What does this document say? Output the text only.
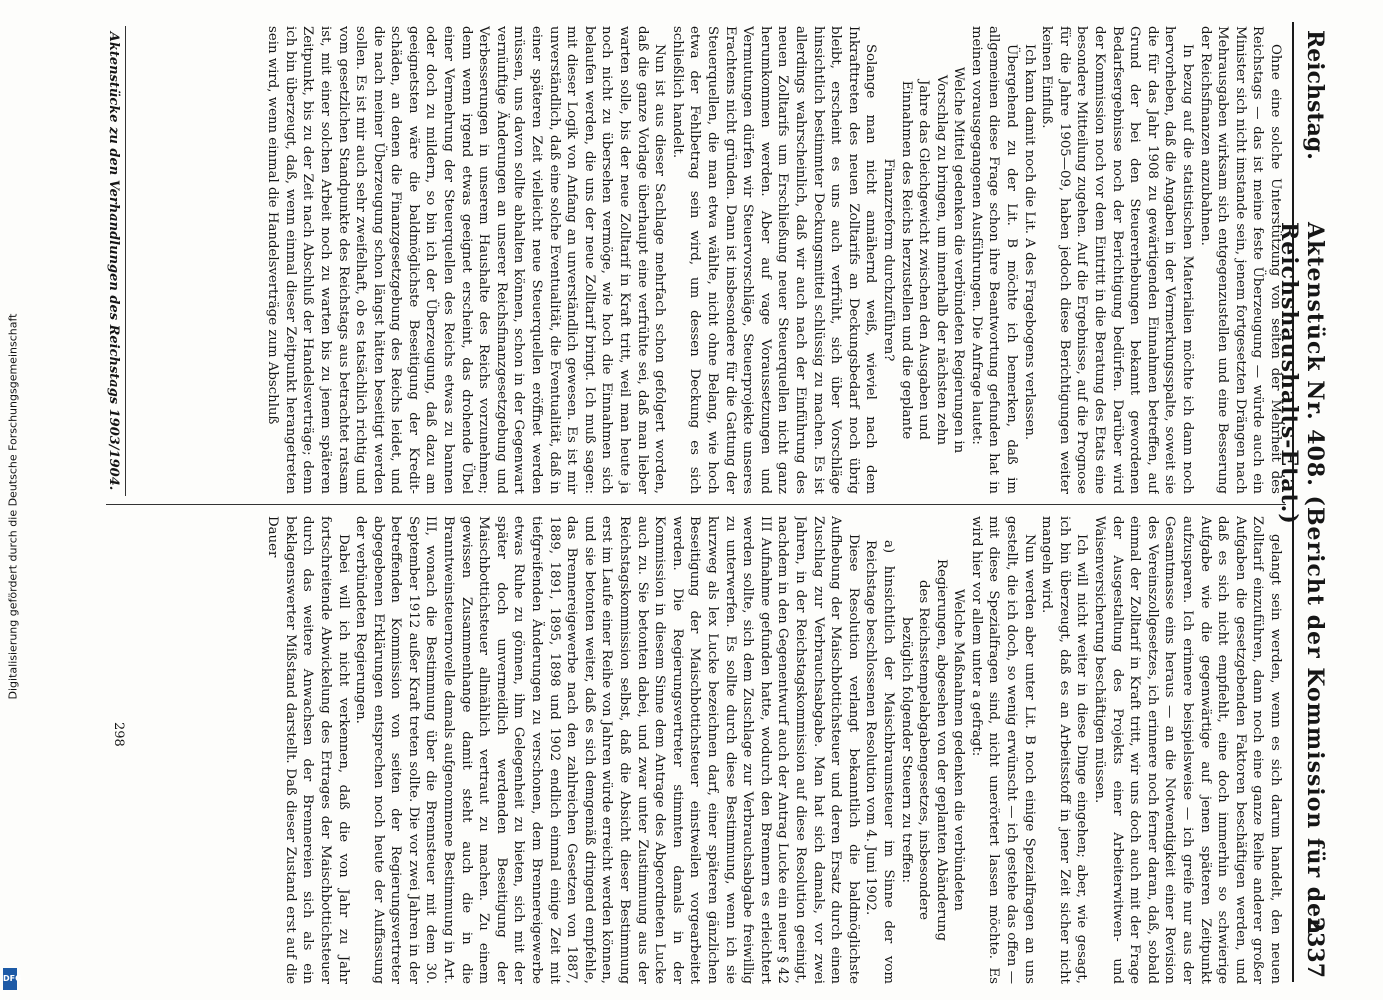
Reichstag.
Aktenstück Nr. 408. (Bericht der Kommission für den Reichshaushalts-Etat.)
2337

Ohne eine solche Unterstützung von seiten der Mehrheit des Reichstags — das ist meine feste Überzeugung — würde auch ein Minister sich nicht imstande sein, jenem fortgesetzten Drängen nach Mehrausgaben wirksam sich entgegenzustellen und eine Besserung der Reichsfinanzen anzubahnen.

In bezug auf die statistischen Materialien möchte ich dann noch hervorheben, daß die Angaben in der Vermerkungsspalte, soweit sie die für das Jahr 1908 zu gewärtigenden Einnahmen betreffen, auf Grund der bei den Steuererhebungen bekannt gewordenen Bedarfsergebnisse noch der Berichtigung bedürfen. Darüber wird der Kommission noch vor dem Eintritt in die Beratung des Etats eine besondere Mitteilung zugehen. Auf die Ergebnisse, auf die Prognose für die Jahre 1905—09, haben jedoch diese Berichtigungen weiter keinen Einfluß.

Ich kann damit noch die Lit. A des Fragebogens verlassen.

Übergehend zu der Lit. B möchte ich bemerken, daß im allgemeinen diese Frage schon ihre Beantwortung gefunden hat in meinen vorausgegangenen Ausführungen. Die Anfrage lautet:

Welche Mittel gedenken die verbündeten Regierungen in Vorschlag zu bringen, um innerhalb der nächsten zehn Jahre das Gleichgewicht zwischen den Ausgaben und Einnahmen des Reichs herzustellen und die geplante Finanzreform durchzuführen?

Solange man nicht annähernd weiß, wieviel nach dem Inkrafttreten des neuen Zolltarifs an Deckungsbedarf noch übrig bleibt, erscheint es uns auch verfrüht, sich über Vorschläge hinsichtlich bestimmter Deckungsmittel schlüssig zu machen. Es ist allerdings wahrscheinlich, daß wir auch nach der Einführung des neuen Zolltarifs um Erschließung neuer Steuerquellen nicht ganz herumkommen werden. Aber auf vage Voraussetzungen und Vermutungen dürfen wir Steuervorschläge, Steuerprojekte unseres Erachtens nicht gründen. Dann ist insbesondere für die Gattung der Steuerquellen, die man etwa wählte, nicht ohne Belang, wie hoch etwa der Fehlbetrag sein wird, um dessen Deckung es sich schließlich handelt.

Nun ist aus dieser Sachlage mehrfach schon gefolgert worden, daß die ganze Vorlage überhaupt eine verfrühte sei, daß man lieber warten solle, bis der neue Zolltarif in Kraft tritt, weil man heute ja noch nicht zu übersehen vermöge, wie hoch die Einnahmen sich belaufen werden, die uns der neue Zolltarif bringt. Ich muß sagen: mit dieser Logik von Anfang an unverständlich gewesen. Es ist mir unverständlich, daß eine solche Eventualität, die Eventualität, daß in einer späteren Zeit vielleicht neue Steuerquellen eröffnet werden müssen, uns davon sollte abhalten können, schon in der Gegenwart vernünftige Änderungen an unserer Reichsfinanzgesetzgebung und Verbesserungen in unserem Haushalte des Reichs vorzunehmen; denn wenn irgend etwas geeignet erscheint, das drohende Übel einer Vermehrung der Steuerquellen des Reichs etwas zu bannen oder doch zu mildern, so bin ich der Überzeugung, daß dazu am geeignetsten wäre die baldmöglichste Beseitigung der Kredit-schäden, an denen die Finanzgesetzgebung des Reichs leidet, und die nach meiner Überzeugung schon längst hätten beseitigt werden sollen. Es ist mir auch sehr zweifelhaft, ob es tatsächlich richtig und vom gesetzlichen Standpunkte des Reichstags aus betrachtet ratsam ist, mit einer solchen Arbeit noch zu warten bis zu jenem späteren Zeitpunkt, bis zu der Zeit nach Abschluß der Handelsverträge; denn ich bin überzeugt, daß, wenn einmal dieser Zeitpunkt herangetreten sein wird, wenn einmal die Handelsverträge zum Abschluß

gelangt sein werden, wenn es sich darum handelt, den neuen Zolltarif einzuführen, dann noch eine ganze Reihe anderer großer Aufgaben die gesetzgebenden Faktoren beschäftigen werden, und daß es sich nicht empfiehlt, eine doch immerhin so schwierige Aufgabe wie die gegenwärtige auf jenen späteren Zeitpunkt aufzusparen. Ich erinnere beispielsweise — ich greife nur aus der Gesamtmasse eins heraus — an die Notwendigkeit einer Revision des Vereinszollgesetzes, ich erinnere noch ferner daran, daß, sobald einmal der Zolltarif in Kraft tritt, wir uns doch auch mit der Frage der Ausgestaltung des Projekts einer Arbeiterwitwen- und Waisenversicherung beschäftigen müssen.

Ich will nicht weiter in diese Dinge eingehen; aber, wie gesagt, ich bin überzeugt, daß es an Arbeitsstoff in jener Zeit sicher nicht mangeln wird.

Nun werden aber unter Lit. B noch einige Spezialfragen an uns gestellt, die ich doch, so wenig erwünscht — ich gestehe das offen — mit diese Spezialfragen sind, nicht unerörtert lassen möchte. Es wird hier vor allem unter a gefragt:

Welche Maßnahmen gedenken die verbündeten Regierungen, abgesehen von der geplanten Abänderung des Reichsstempelabgabengesetzes, insbesondere bezüglich folgender Steuern zu treffen:

a) hinsichtlich der Maischbraumsteuer im Sinne der vom Reichstage beschlossenen Resolution vom 4. Juni 1902.

Diese Resolution verlangt bekanntlich die baldmöglichste Aufhebung der Maischbottichsteuer und deren Ersatz durch einen Zuschlag zur Verbrauchsabgabe. Man hat sich damals, vor zwei Jahren, in der Reichstagskommission auf diese Resolution geeinigt, nachdem in den Gegenentwurf auch der Antrag Lucke ein neuer § 42 III Aufnahme gefunden hatte, wodurch den Brennern es erleichtert werden sollte, sich dem Zuschlage zur Verbrauchsabgabe freiwillig zu unterwerfen. Es sollte durch diese Bestimmung, wenn ich sie kurzweg als lex Lucke bezeichnen darf, einer späteren gänzlichen Beseitigung der Maischbottichsteuer einstweilen vorgearbeitet werden. Die Regierungsvertreter stimmten damals in der Kommission in diesem Sinne dem Antrage des Abgeordneten Lucke auch zu. Sie betonten dabei, und zwar unter Zustimmung aus der Reichstagskommission selbst, daß die Absicht dieser Bestimmung erst im Laufe einer Reihe von Jahren würde erreicht werden können, und sie betonten weiter, daß es sich demgemäß dringend empfehle, das Brennereigewerbe nach den zahlreichen Gesetzen von 1887, 1889, 1891, 1895, 1898 und 1902 endlich einmal einige Zeit mit tiefgreifenden Änderungen zu verschonen, dem Brennereigewerbe etwas Ruhe zu gönnen, ihm Gelegenheit zu bieten, sich mit der später doch unvermeidlich werdenden Beseitigung der Maischbottichsteuer allmählich vertraut zu machen. Zu einem gewissen Zusammenhange damit steht auch die in die Branntweinsteuernovelle damals aufgenommene Bestimmung in Art. III, wonach die Bestimmung über die Brennsteuer mit dem 30. September 1912 außer Kraft treten sollte. Die vor zwei Jahren in der betreffenden Kommission von seiten der Regierungsvertreter abgegebenen Erklärungen entsprechen noch heute der Auffassung der verbündeten Regierungen.

Dabei will ich nicht verkennen, daß die von Jahr zu Jahr fortschreitende Abwickelung des Ertrages der Maischbottichsteuer durch das weitere Anwachsen der Brennereien sich als ein beklagenswerter Mißstand darstellt. Daß dieser Zustand erst auf die Dauer

Aktenstücke zu den Verhandlungen des Reichstags 1903/1904.
298
Digitalisierung gefördert durch die Deutsche Forschungsgemeinschaft
DFG
